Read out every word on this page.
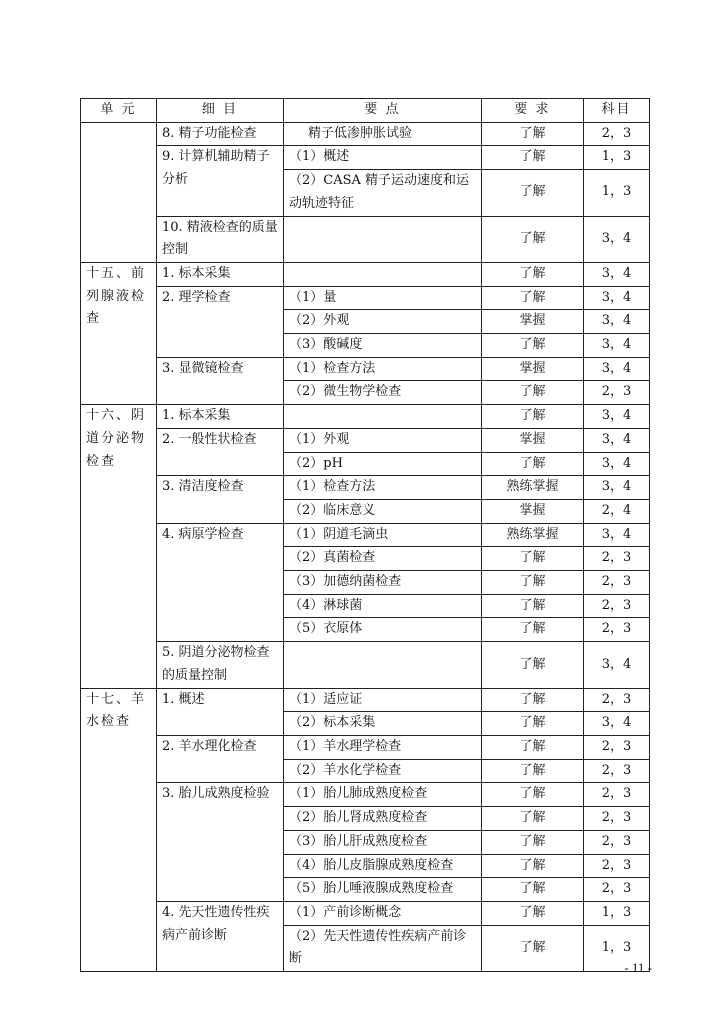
单 元	细 目	要 点	要 求	科目
	8. 精子功能检查	精子低渗肿胀试验	了解	2，3
	9. 计算机辅助精子分析	（1）概述	了解	1，3
		（2）CASA 精子运动速度和运动轨迹特征	了解	1，3
	10. 精液检查的质量控制		了解	3，4
十五、前列腺液检查	1. 标本采集		了解	3，4
	2. 理学检查	（1）量	了解	3，4
		（2）外观	掌握	3，4
		（3）酸碱度	了解	3，4
	3. 显微镜检查	（1）检查方法	掌握	3，4
		（2）微生物学检查	了解	2，3
十六、阴道分泌物检查	1. 标本采集		了解	3，4
	2. 一般性状检查	（1）外观	掌握	3，4
		（2）pH	了解	3，4
	3. 清洁度检查	（1）检查方法	熟练掌握	3，4
		（2）临床意义	掌握	2，4
	4. 病原学检查	（1）阴道毛滴虫	熟练掌握	3，4
		（2）真菌检查	了解	2，3
		（3）加德纳菌检查	了解	2，3
		（4）淋球菌	了解	2，3
		（5）衣原体	了解	2，3
	5. 阴道分泌物检查的质量控制		了解	3，4
十七、羊水检查	1. 概述	（1）适应证	了解	2，3
		（2）标本采集	了解	3，4
	2. 羊水理化检查	（1）羊水理学检查	了解	2，3
		（2）羊水化学检查	了解	2，3
	3. 胎儿成熟度检验	（1）胎儿肺成熟度检查	了解	2，3
		（2）胎儿肾成熟度检查	了解	2，3
		（3）胎儿肝成熟度检查	了解	2，3
		（4）胎儿皮脂腺成熟度检查	了解	2，3
		（5）胎儿唾液腺成熟度检查	了解	2，3
	4. 先天性遗传性疾病产前诊断	（1）产前诊断概念	了解	1，3
		（2）先天性遗传性疾病产前诊断	了解	1，3
- 11 -
